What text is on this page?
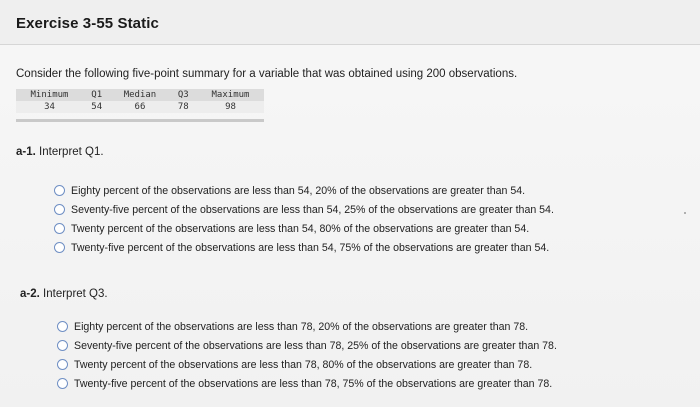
Exercise 3-55 Static
Consider the following five-point summary for a variable that was obtained using 200 observations.
Minimum	Q1	Median	Q3	Maximum
34	54	66	78	98
a-1. Interpret Q1.
Eighty percent of the observations are less than 54, 20% of the observations are greater than 54.
Seventy-five percent of the observations are less than 54, 25% of the observations are greater than 54.
Twenty percent of the observations are less than 54, 80% of the observations are greater than 54.
Twenty-five percent of the observations are less than 54, 75% of the observations are greater than 54.
a-2. Interpret Q3.
Eighty percent of the observations are less than 78, 20% of the observations are greater than 78.
Seventy-five percent of the observations are less than 78, 25% of the observations are greater than 78.
Twenty percent of the observations are less than 78, 80% of the observations are greater than 78.
Twenty-five percent of the observations are less than 78, 75% of the observations are greater than 78.
